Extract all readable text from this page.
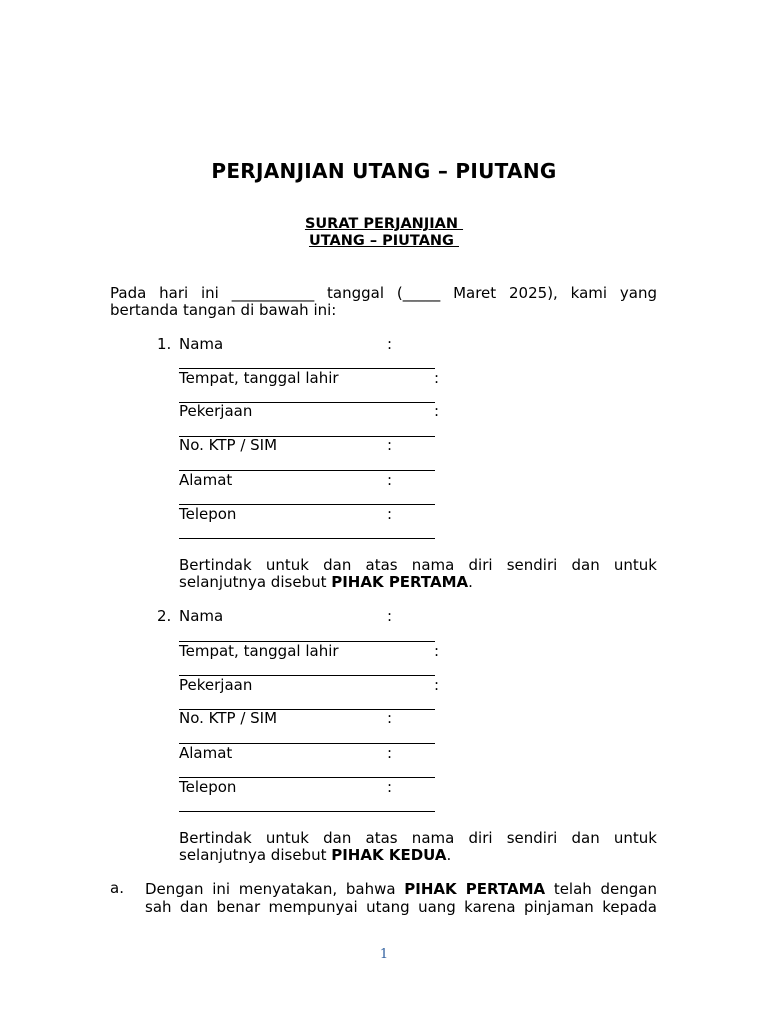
PERJANJIAN UTANG – PIUTANG
SURAT PERJANJIAN
UTANG – PIUTANG
Pada hari ini ___________ tanggal (_____ Maret 2025), kami yang
bertanda tangan di bawah ini:
1. Nama	:
Tempat, tanggal lahir	:
Pekerjaan	:
No. KTP / SIM	:
Alamat	:
Telepon	:
Bertindak untuk dan atas nama diri sendiri dan untuk
selanjutnya disebut PIHAK PERTAMA.
2. Nama	:
Tempat, tanggal lahir	:
Pekerjaan	:
No. KTP / SIM	:
Alamat	:
Telepon	:
Bertindak untuk dan atas nama diri sendiri dan untuk
selanjutnya disebut PIHAK KEDUA.
a. Dengan ini menyatakan, bahwa PIHAK PERTAMA telah dengan
sah dan benar mempunyai utang uang karena pinjaman kepada
1
